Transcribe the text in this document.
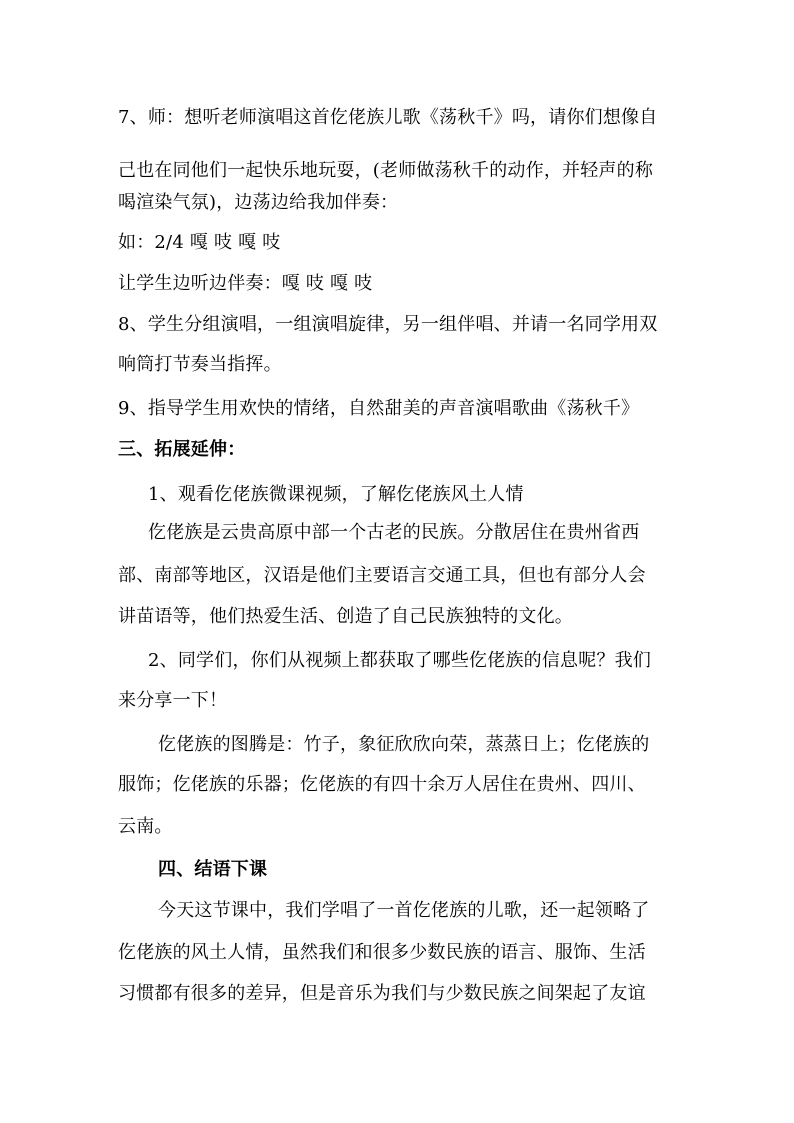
7、师：想听老师演唱这首仡佬族儿歌《荡秋千》吗，请你们想像自
己也在同他们一起快乐地玩耍，(老师做荡秋千的动作，并轻声的称
喝渲染气氛)，边荡边给我加伴奏：
如：2/4 嘎 吱 嘎 吱
让学生边听边伴奏：嘎 吱 嘎 吱
8、学生分组演唱，一组演唱旋律，另一组伴唱、并请一名同学用双
响筒打节奏当指挥。
9、指导学生用欢快的情绪，自然甜美的声音演唱歌曲《荡秋千》
三、拓展延伸：
1、观看仡佬族微课视频，了解仡佬族风土人情
仡佬族是云贵高原中部一个古老的民族。分散居住在贵州省西
部、南部等地区，汉语是他们主要语言交通工具，但也有部分人会
讲苗语等，他们热爱生活、创造了自己民族独特的文化。
2、同学们，你们从视频上都获取了哪些仡佬族的信息呢？我们
来分享一下！
仡佬族的图腾是：竹子，象征欣欣向荣，蒸蒸日上；仡佬族的
服饰；仡佬族的乐器；仡佬族的有四十余万人居住在贵州、四川、
云南。
四、结语下课
今天这节课中，我们学唱了一首仡佬族的儿歌，还一起领略了
仡佬族的风土人情，虽然我们和很多少数民族的语言、服饰、生活
习惯都有很多的差异，但是音乐为我们与少数民族之间架起了友谊
